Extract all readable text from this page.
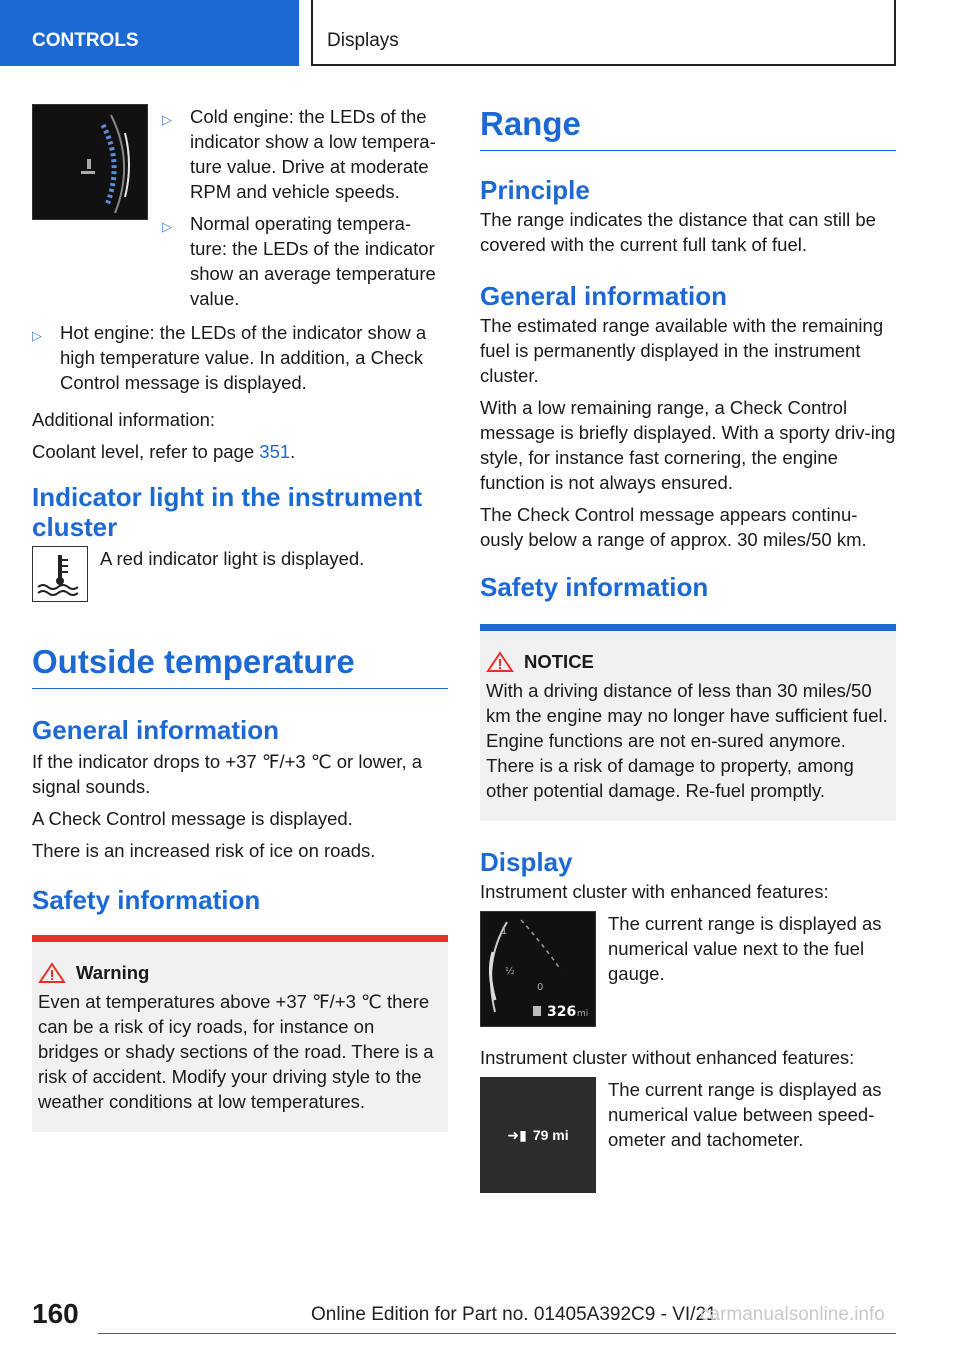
CONTROLS	Displays
▷ Cold engine: the LEDs of the indicator show a low tempera-ture value. Drive at moderate RPM and vehicle speeds.
▷ Normal operating tempera-ture: the LEDs of the indicator show an average temperature value.
▷ Hot engine: the LEDs of the indicator show a high temperature value. In addition, a Check Control message is displayed.

Additional information:

Coolant level, refer to page 351.

Indicator light in the instrument cluster
A red indicator light is displayed.
Outside temperature
General information

If the indicator drops to +37 ℉/+3 ℃ or lower, a signal sounds.

A Check Control message is displayed.

There is an increased risk of ice on roads.

Safety information
Warning
Even at temperatures above +37 ℉/+3 ℃ there can be a risk of icy roads, for instance on bridges or shady sections of the road. There is a risk of accident. Modify your driving style to the weather conditions at low temperatures.
Range
Principle

The range indicates the distance that can still be covered with the current full tank of fuel.

General information

The estimated range available with the remaining fuel is permanently displayed in the instrument cluster.

With a low remaining range, a Check Control message is briefly displayed. With a sporty driv-ing style, for instance fast cornering, the engine function is not always ensured.

The Check Control message appears continu-ously below a range of approx. 30 miles/50 km.

Safety information
NOTICE
With a driving distance of less than 30 miles/50 km the engine may no longer have sufficient fuel. Engine functions are not en-sured anymore. There is a risk of damage to property, among other potential damage. Re-fuel promptly.
Display

Instrument cluster with enhanced features:

1
½
0
326 mi
The current range is displayed as numerical value next to the fuel gauge.

Instrument cluster without enhanced features:

➜▮ 79 mi
The current range is displayed as numerical value between speed-ometer and tachometer.
160	Online Edition for Part no. 01405A392C9 - VI/21
carmanualsonline.info
